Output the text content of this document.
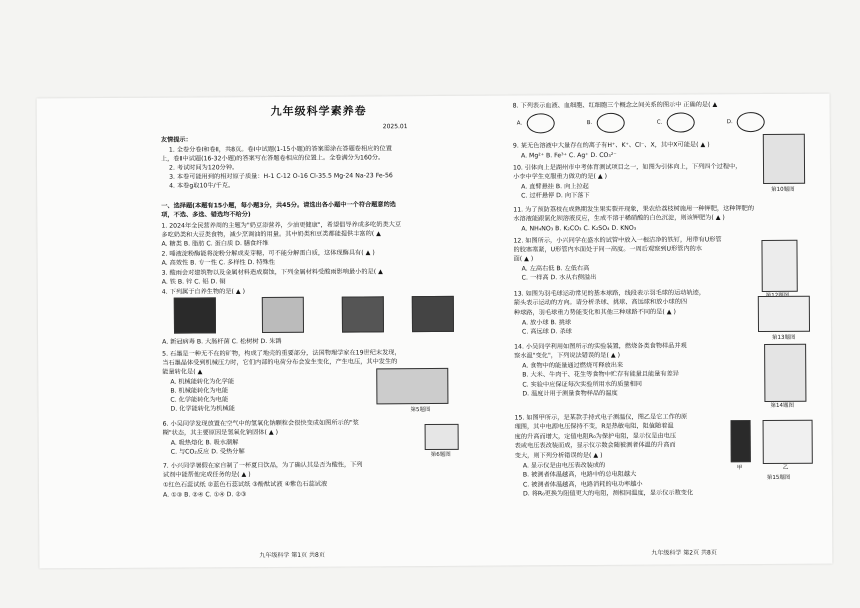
九年级科学素养卷
2025.01
友情提示：
1. 全卷分卷Ⅰ和卷Ⅱ，共8页。卷Ⅰ中试题(1-15小题)的答案需涂在答题卷相应的位置
上，卷Ⅱ中试题(16-32小题)的答案写在答题卷相应的位置上。全卷满分为160分。
2. 考试时间为120分钟。
3. 本卷可能用到的相对原子质量：H-1 C-12 O-16 Cl-35.5 Mg-24 Na-23 Fe-56
4. 本卷g取10牛/千克。
一、选择题(本题有15小题，每小题3分，共45分。请选出各小题中一个符合题意的选
项，不选、多选、错选均不给分)
1. 2024年全民营养周的主题为"奶豆添营养，少油更健康"，希望倡导养成多吃奶类大豆
多吃奶类和大豆类食物，减少烹调油的用量。其中奶类和豆类都能提供丰富的( ▲
A. 糖类 B. 脂肪 C. 蛋白质 D. 膳食纤维
2. 唾液淀粉酶能将淀粉分解成麦芽糖，可不能分解蛋白质，这体现酶具有( ▲ )
A. 高效性 B. 专一性 C. 多样性 D. 特殊性
3. 酸雨会对建筑物以及金属材料造成腐蚀，下列金属材料受酸雨影响最小的是( ▲
A. 铁 B. 锌 C. 铝 D. 铜
4. 下列属于自养生物的是( ▲ )
A. 新冠病毒 B. 大肠杆菌 C. 松树树 D. 朱鹮
5. 石墨是一种无不在的矿物，构成了地壳的重要部分，法国物理学家在19世纪末发现，
当石墨晶体受到机械压力时，它们内部的电荷分布会发生变化，产生电压，其中发生的
能量转化是( ▲
A. 机械能转化为化学能
B. 机械能转化为电能
C. 化学能转化为电能
D. 化学能转化为机械能	第5题图
6. 小吴同学发现放置在空气中的氢氧化钠颗粒会很快变成如图所示的"浆
糊"状态，其主要原因是氢氧化钠固体( ▲ )
A. 吸热熔化 B. 吸水潮解
C. 与CO₂反应 D. 受热分解	第6题图
7. 小兴同学暑假在家自制了一杯夏日饮品，为了确认其是否为酸性，下列
试剂中能帮他完成任务的是( ▲ )
①红色石蕊试纸 ②蓝色石蕊试纸 ③酚酞试液 ④紫色石蕊试液
A. ①③ B. ②④ C. ①④ D. ②③
九年级科学 第1页 共8页
8. 下列表示血液、血细胞、红细胞三个概念之间关系的图示中 正确的是( ▲
A.	B.	C.	D.
9. 某无色溶液中大量存在的离子有H⁺、K⁺、Cl⁻、X，其中X可能是( ▲ )
A. Mg²⁺ B. Fe³⁺ C. Ag⁺ D. CO₃²⁻
10. 引体向上是湖州市中考体育测试项目之一，如图为引体向上，下列四个过程中，
小李中学生克服重力做功的是( ▲ )
A. 直臂悬挂 B. 向上拉起
C. 过杆悬停 D. 向下落下
第10题图
11. 为了预防荔枝在成熟期发生果实裂开现象，果农给荔枝树施用一种钾肥，这种钾肥的
水溶液能跟氯化钡溶液反应，生成不溶于稀硝酸的白色沉淀，则该钾肥为( ▲ )
A. NH₄NO₃ B. K₂CO₃ C. K₂SO₄ D. KNO₃
12. 如图所示，小兴同学在盛水的试管中放入一根洁净的铁钉，用带有U形管
的胶塞塞紧，U形管内水面处于同一高度。一周后观察到U形管内的水
面( ▲ )
A. 左高右低 B. 左低右高
C. 一样高 D. 水从右侧溢出
13. 如图为羽毛球运动常见的基本球路，线段表示羽毛球的运动轨迹，
箭头表示运动的方向。请分析杀球、挑球、高远球和放小球的四
种球路，羽毛球重力势能变化和其他三种球路不同的是( ▲ )
A. 放小球 B. 挑球
C. 高远球 D. 杀球
第13题图
14. 小吴同学利用如图所示的实验装置，燃烧各类食物样品并观
察水温"变化"，下列说法错误的是( ▲ )
A. 食物中的能量通过燃烧可释放出来
B. 大米、牛肉干、花生等食物中贮存有能量且能量有差异
C. 实验中应保证每次实验所用水的质量相同
D. 温度计用于测量食物样品的温度
第14题图
15. 如图甲所示，是某款手持式电子测温仪，图乙是它工作的原
理图，其中电源电压保持不变，R是热敏电阻，阻值随着温
度的升高而增大，定值电阻R₀为保护电阻，显示仪是由电压
表或电压表改装而成，显示仪示数会随被测者体温的升高而
变大，则下列分析错误的是( ▲ )
A. 显示仪是由电压表改装成的
B. 被测者体温越高，电路中的总电阻越大
C. 被测者体温越高，电路消耗的电功率越小
D. 将R₀更换为阻值更大的电阻，测相同温度，显示仪示数变化
甲	乙
第15题图
九年级科学 第2页 共8页
